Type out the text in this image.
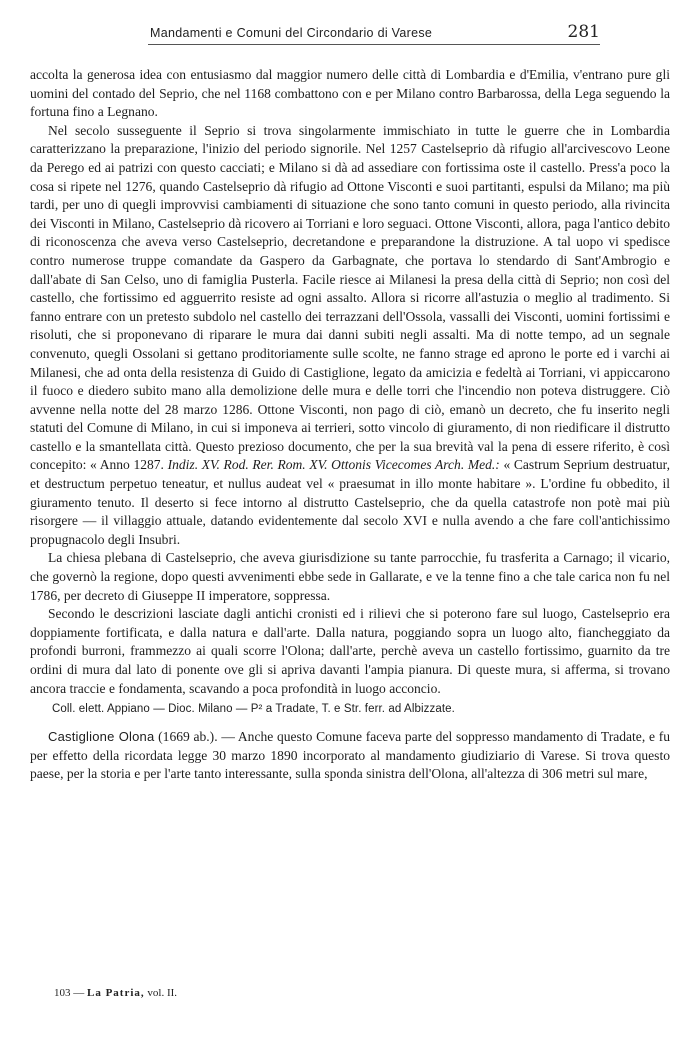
Mandamenti e Comuni del Circondario di Varese	281

accolta la generosa idea con entusiasmo dal maggior numero delle città di Lombardia e d'Emilia, v'entrano pure gli uomini del contado del Seprio, che nel 1168 combattono con e per Milano contro Barbarossa, della Lega seguendo la fortuna fino a Legnano.

Nel secolo susseguente il Seprio si trova singolarmente immischiato in tutte le guerre che in Lombardia caratterizzano la preparazione, l'inizio del periodo signorile. Nel 1257 Castelseprio dà rifugio all'arcivescovo Leone da Perego ed ai patrizi con questo cacciati; e Milano si dà ad assediare con fortissima oste il castello. Press'a poco la cosa si ripete nel 1276, quando Castelseprio dà rifugio ad Ottone Visconti e suoi partitanti, espulsi da Milano; ma più tardi, per uno di quegli improvvisi cambiamenti di situazione che sono tanto comuni in questo periodo, alla rivincita dei Visconti in Milano, Castelseprio dà ricovero ai Torriani e loro seguaci. Ottone Visconti, allora, paga l'antico debito di riconoscenza che aveva verso Castelseprio, decretandone e preparandone la distruzione. A tal uopo vi spedisce contro numerose truppe comandate da Gaspero da Garbagnate, che portava lo stendardo di Sant'Ambrogio e dall'abate di San Celso, uno di famiglia Pusterla. Facile riesce ai Milanesi la presa della città di Seprio; non così del castello, che fortissimo ed agguerrito resiste ad ogni assalto. Allora si ricorre all'astuzia o meglio al tradimento. Si fanno entrare con un pretesto subdolo nel castello dei terrazzani dell'Ossola, vassalli dei Visconti, uomini fortissimi e risoluti, che si proponevano di riparare le mura dai danni subiti negli assalti. Ma di notte tempo, ad un segnale convenuto, quegli Ossolani si gettano proditoriamente sulle scolte, ne fanno strage ed aprono le porte ed i varchi ai Milanesi, che ad onta della resistenza di Guido di Castiglione, legato da amicizia e fedeltà ai Torriani, vi appiccarono il fuoco e diedero subito mano alla demolizione delle mura e delle torri che l'incendio non poteva distruggere. Ciò avvenne nella notte del 28 marzo 1286. Ottone Visconti, non pago di ciò, emanò un decreto, che fu inserito negli statuti del Comune di Milano, in cui si imponeva ai terrieri, sotto vincolo di giuramento, di non riedificare il distrutto castello e la smantellata città. Questo prezioso documento, che per la sua brevità val la pena di essere riferito, è così concepito: « Anno 1287. Indiz. XV. Rod. Rer. Rom. XV. Ottonis Vicecomes Arch. Med.: « Castrum Seprium destruatur, et destructum perpetuo teneatur, et nullus audeat vel « praesumat in illo monte habitare ». L'ordine fu obbedito, il giuramento tenuto. Il deserto si fece intorno al distrutto Castelseprio, che da quella catastrofe non potè mai più risorgere — il villaggio attuale, datando evidentemente dal secolo XVI e nulla avendo a che fare coll'antichissimo propugnacolo degli Insubri.

La chiesa plebana di Castelseprio, che aveva giurisdizione su tante parrocchie, fu trasferita a Carnago; il vicario, che governò la regione, dopo questi avvenimenti ebbe sede in Gallarate, e ve la tenne fino a che tale carica non fu nel 1786, per decreto di Giuseppe II imperatore, soppressa.

Secondo le descrizioni lasciate dagli antichi cronisti ed i rilievi che si poterono fare sul luogo, Castelseprio era doppiamente fortificata, e dalla natura e dall'arte. Dalla natura, poggiando sopra un luogo alto, fiancheggiato da profondi burroni, frammezzo ai quali scorre l'Olona; dall'arte, perchè aveva un castello fortissimo, guarnito da tre ordini di mura dal lato di ponente ove gli si apriva davanti l'ampia pianura. Di queste mura, si afferma, si trovano ancora traccie e fondamenta, scavando a poca profondità in luogo acconcio.

Coll. elett. Appiano — Dioc. Milano — P² a Tradate, T. e Str. ferr. ad Albizzate.

Castiglione Olona (1669 ab.). — Anche questo Comune faceva parte del soppresso mandamento di Tradate, e fu per effetto della ricordata legge 30 marzo 1890 incorporato al mandamento giudiziario di Varese. Si trova questo paese, per la storia e per l'arte tanto interessante, sulla sponda sinistra dell'Olona, all'altezza di 306 metri sul mare,

103 — La Patria, vol. II.
